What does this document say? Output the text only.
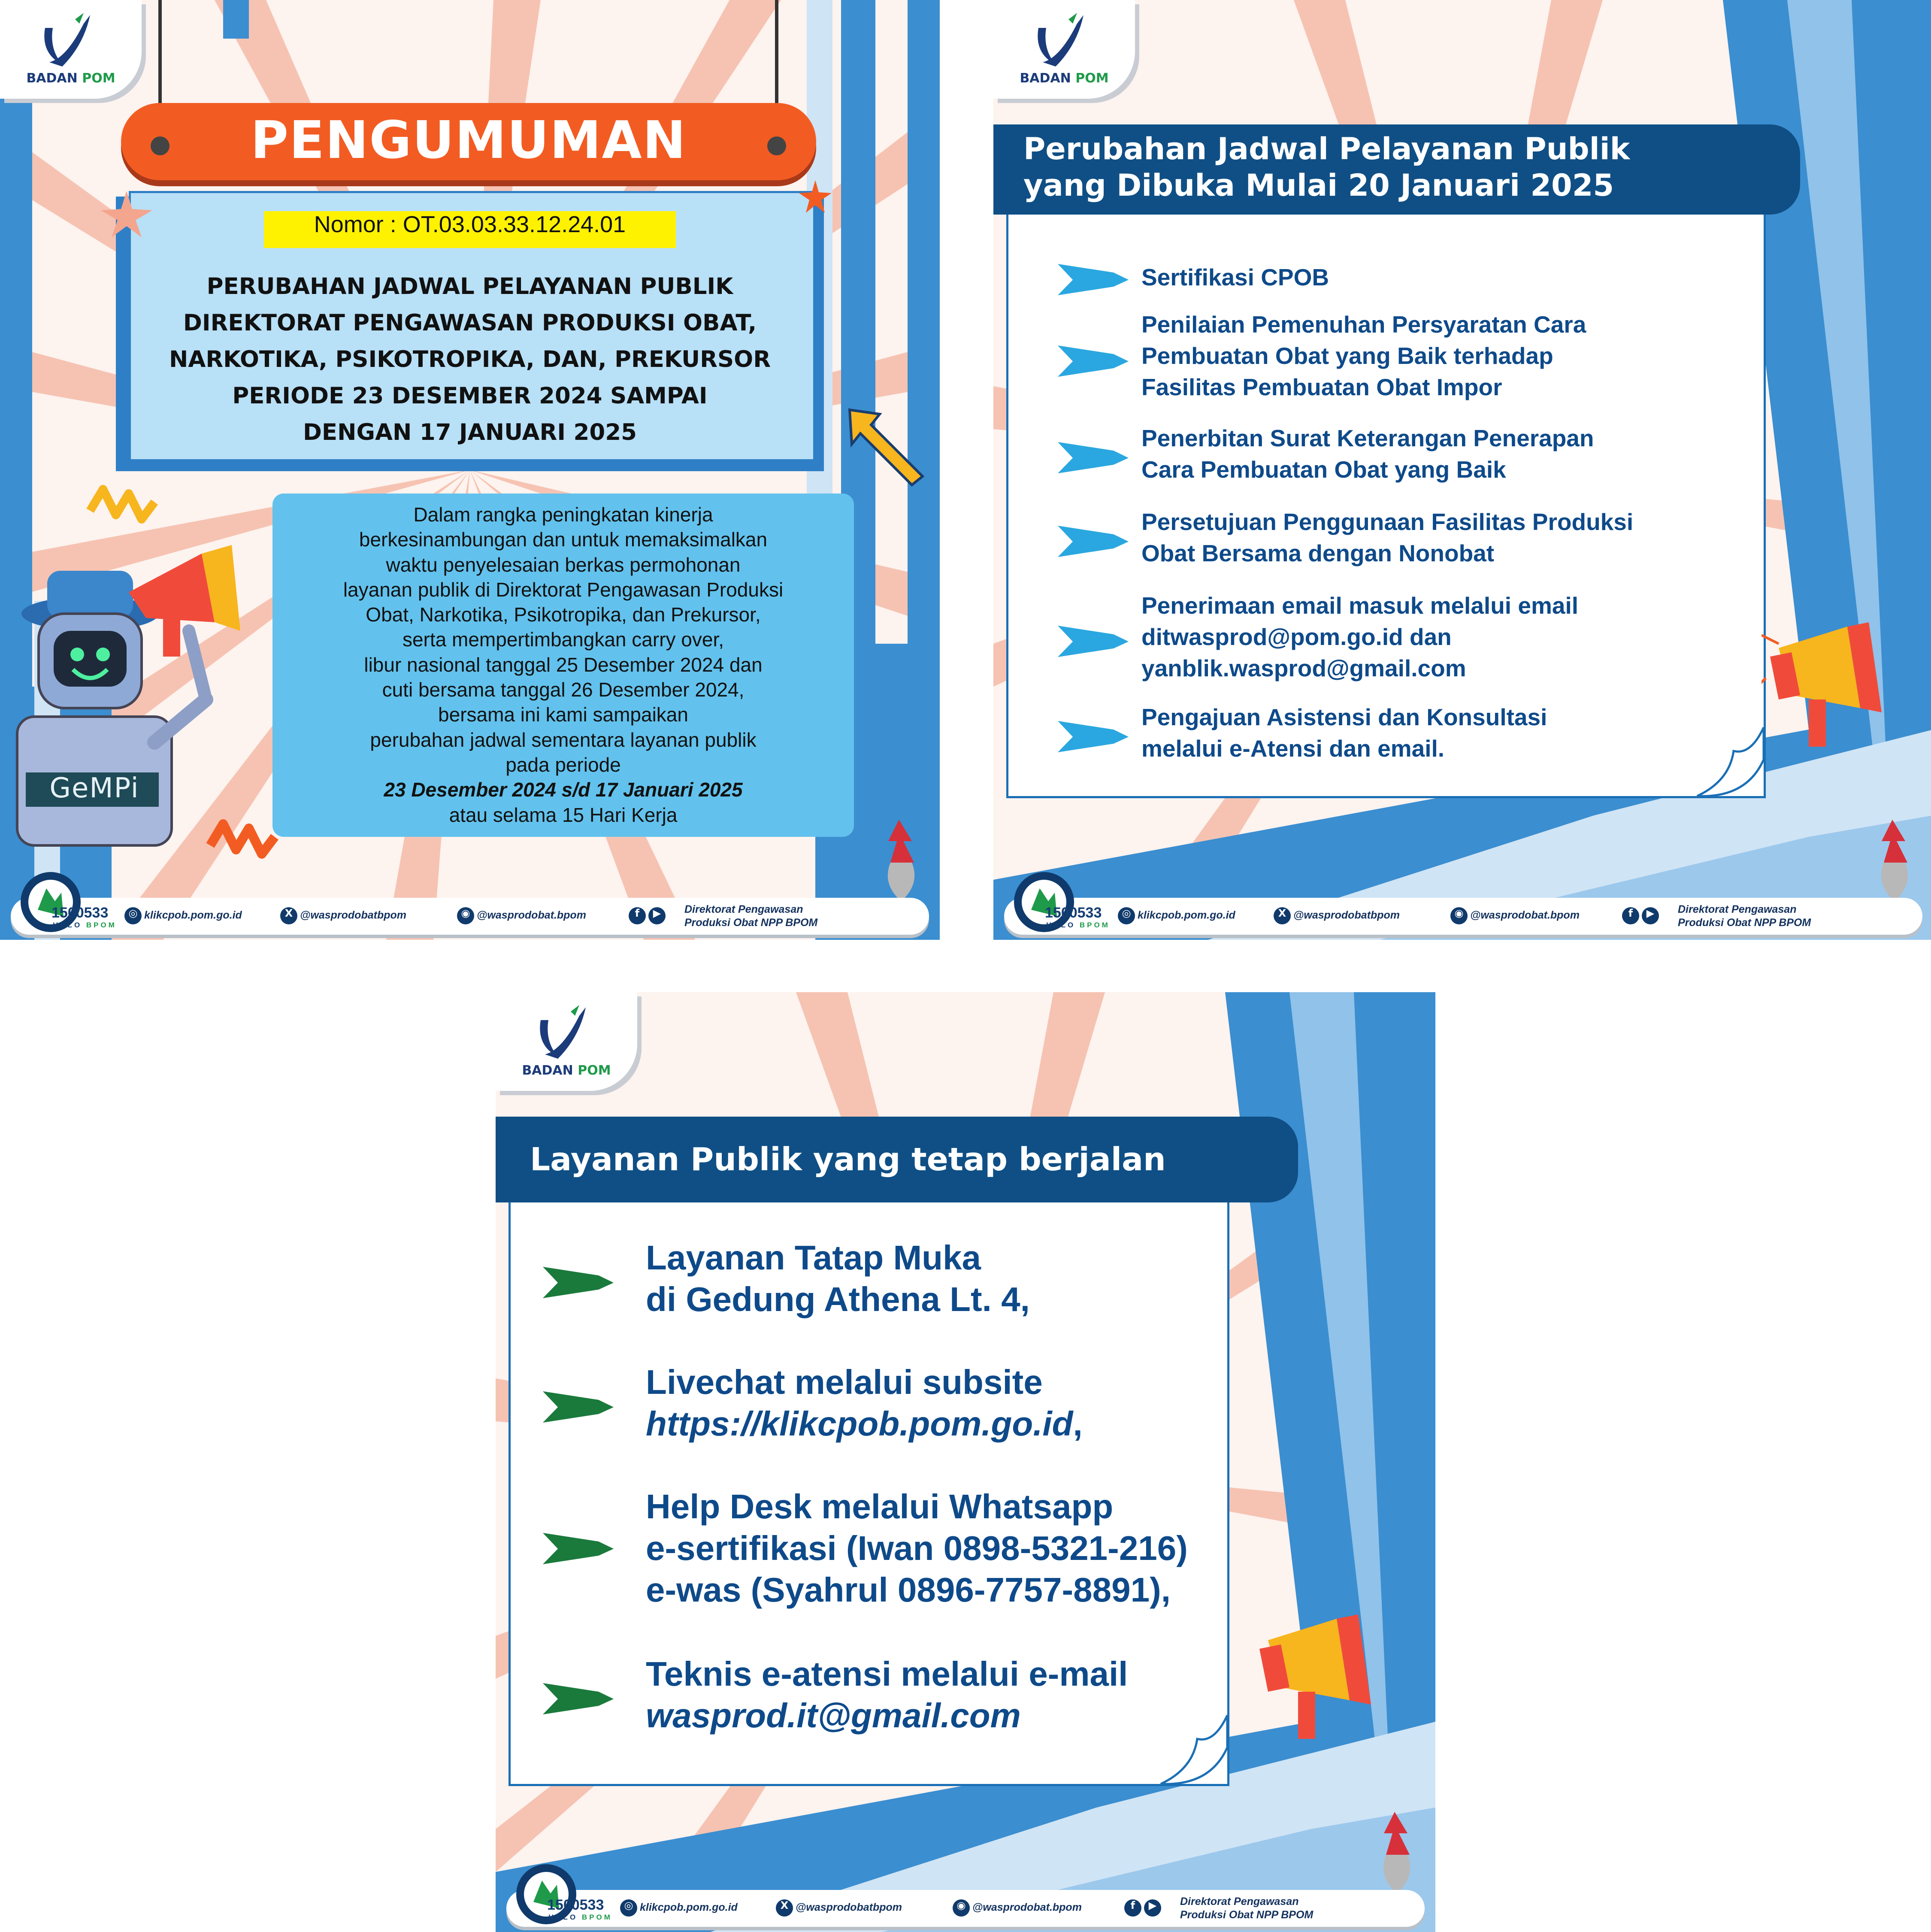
BADAN POM
PENGUMUMAN
Nomor : OT.03.03.33.12.24.01
PERUBAHAN JADWAL PELAYANAN PUBLIK
DIREKTORAT PENGAWASAN PRODUKSI OBAT,
NARKOTIKA, PSIKOTROPIKA, DAN, PREKURSOR
PERIODE 23 DESEMBER 2024 SAMPAI
DENGAN 17 JANUARI 2025
GeMPi
Dalam rangka peningkatan kinerja
berkesinambungan dan untuk memaksimalkan
waktu penyelesaian berkas permohonan
layanan publik di Direktorat Pengawasan Produksi
Obat, Narkotika, Psikotropika, dan Prekursor,
serta mempertimbangkan carry over,
libur nasional tanggal 25 Desember 2024 dan
cuti bersama tanggal 26 Desember 2024,
bersama ini kami sampaikan
perubahan jadwal sementara layanan publik
pada periode
23 Desember 2024 s/d 17 Januari 2025
atau selama 15 Hari Kerja
1500533
HALO BPOM
◎ klikcpob.pom.go.id	X @wasprodobatbpom	◉ @wasprodobat.bpom	f ▶	Direktorat Pengawasan
Produksi Obat NPP BPOM
BADAN POM
Perubahan Jadwal Pelayanan Publik
yang Dibuka Mulai 20 Januari 2025
Sertifikasi CPOB
Penilaian Pemenuhan Persyaratan Cara
Pembuatan Obat yang Baik terhadap
Fasilitas Pembuatan Obat Impor
Penerbitan Surat Keterangan Penerapan
Cara Pembuatan Obat yang Baik
Persetujuan Penggunaan Fasilitas Produksi
Obat Bersama dengan Nonobat
Penerimaan email masuk melalui email
ditwasprod@pom.go.id dan
yanblik.wasprod@gmail.com
Pengajuan Asistensi dan Konsultasi
melalui e-Atensi dan email.
1500533
HALO BPOM
◎ klikcpob.pom.go.id	X @wasprodobatbpom	◉ @wasprodobat.bpom	f ▶	Direktorat Pengawasan
Produksi Obat NPP BPOM
BADAN POM
Layanan Publik yang tetap berjalan
Layanan Tatap Muka
di Gedung Athena Lt. 4,
Livechat melalui subsite
https://klikcpob.pom.go.id,
Help Desk melalui Whatsapp
e-sertifikasi (Iwan 0898-5321-216)
e-was (Syahrul 0896-7757-8891),
Teknis e-atensi melalui e-mail
wasprod.it@gmail.com
1500533
HALO BPOM
◎ klikcpob.pom.go.id	X @wasprodobatbpom	◉ @wasprodobat.bpom	f ▶	Direktorat Pengawasan
Produksi Obat NPP BPOM
